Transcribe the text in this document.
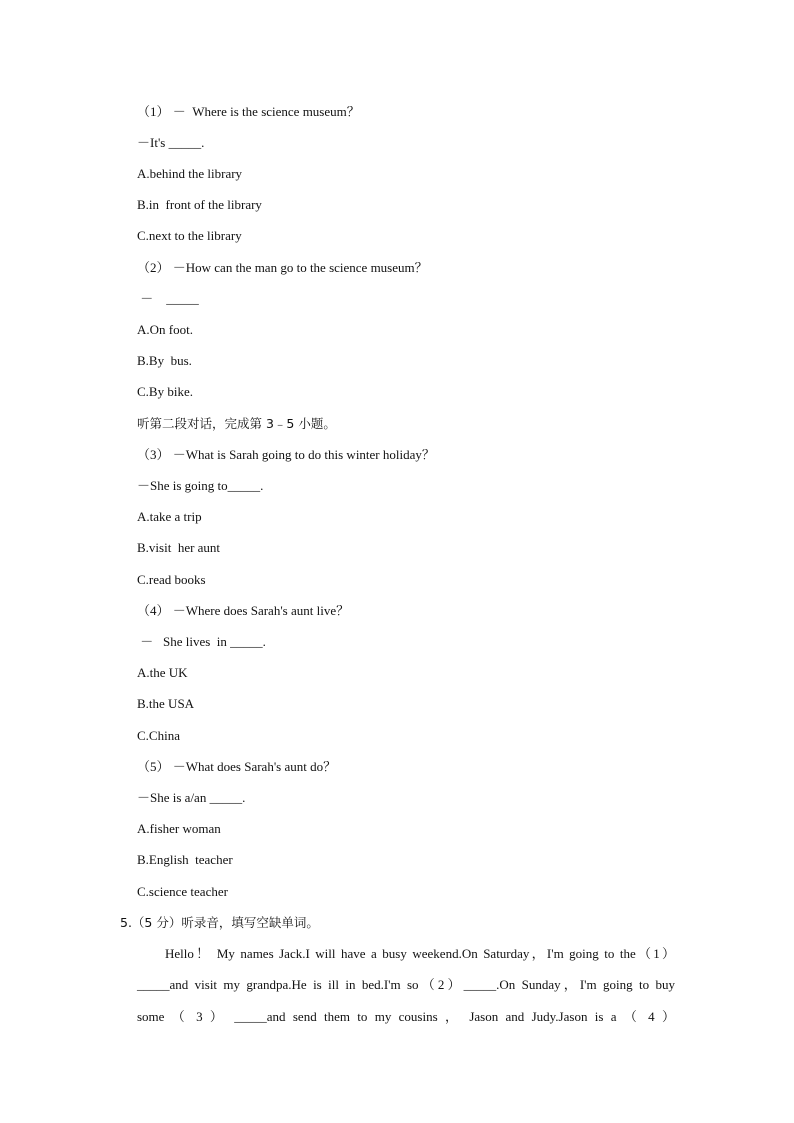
（1） －  Where is the science museum？
－It's _____.
A.behind the library
B.in  front of the library
C.next to the library
（2） －How can the man go to the science museum？
－    _____
A.On foot.
B.By  bus.
C.By bike.
听第二段对话，完成第 3﹣5 小题。
（3） －What is Sarah going to do this winter holiday？
－She is going to_____.
A.take a trip
B.visit  her aunt
C.read books
（4） －Where does Sarah's aunt live？
－   She lives  in _____.
A.the UK
B.the USA
C.China
（5） －What does Sarah's aunt do？
－She is a/an _____.
A.fisher woman
B.English  teacher
C.science teacher
5.（5 分）听录音，填写空缺单词。
Hello！ My names Jack.I will have a busy weekend.On Saturday，I'm going to the（1）
_____and visit my grandpa.He is ill in bed.I'm so（2）_____.On Sunday，I'm going to buy
some （ 3 ） _____and send them to my cousins ， Jason and Judy.Jason is a （ 4 ）
